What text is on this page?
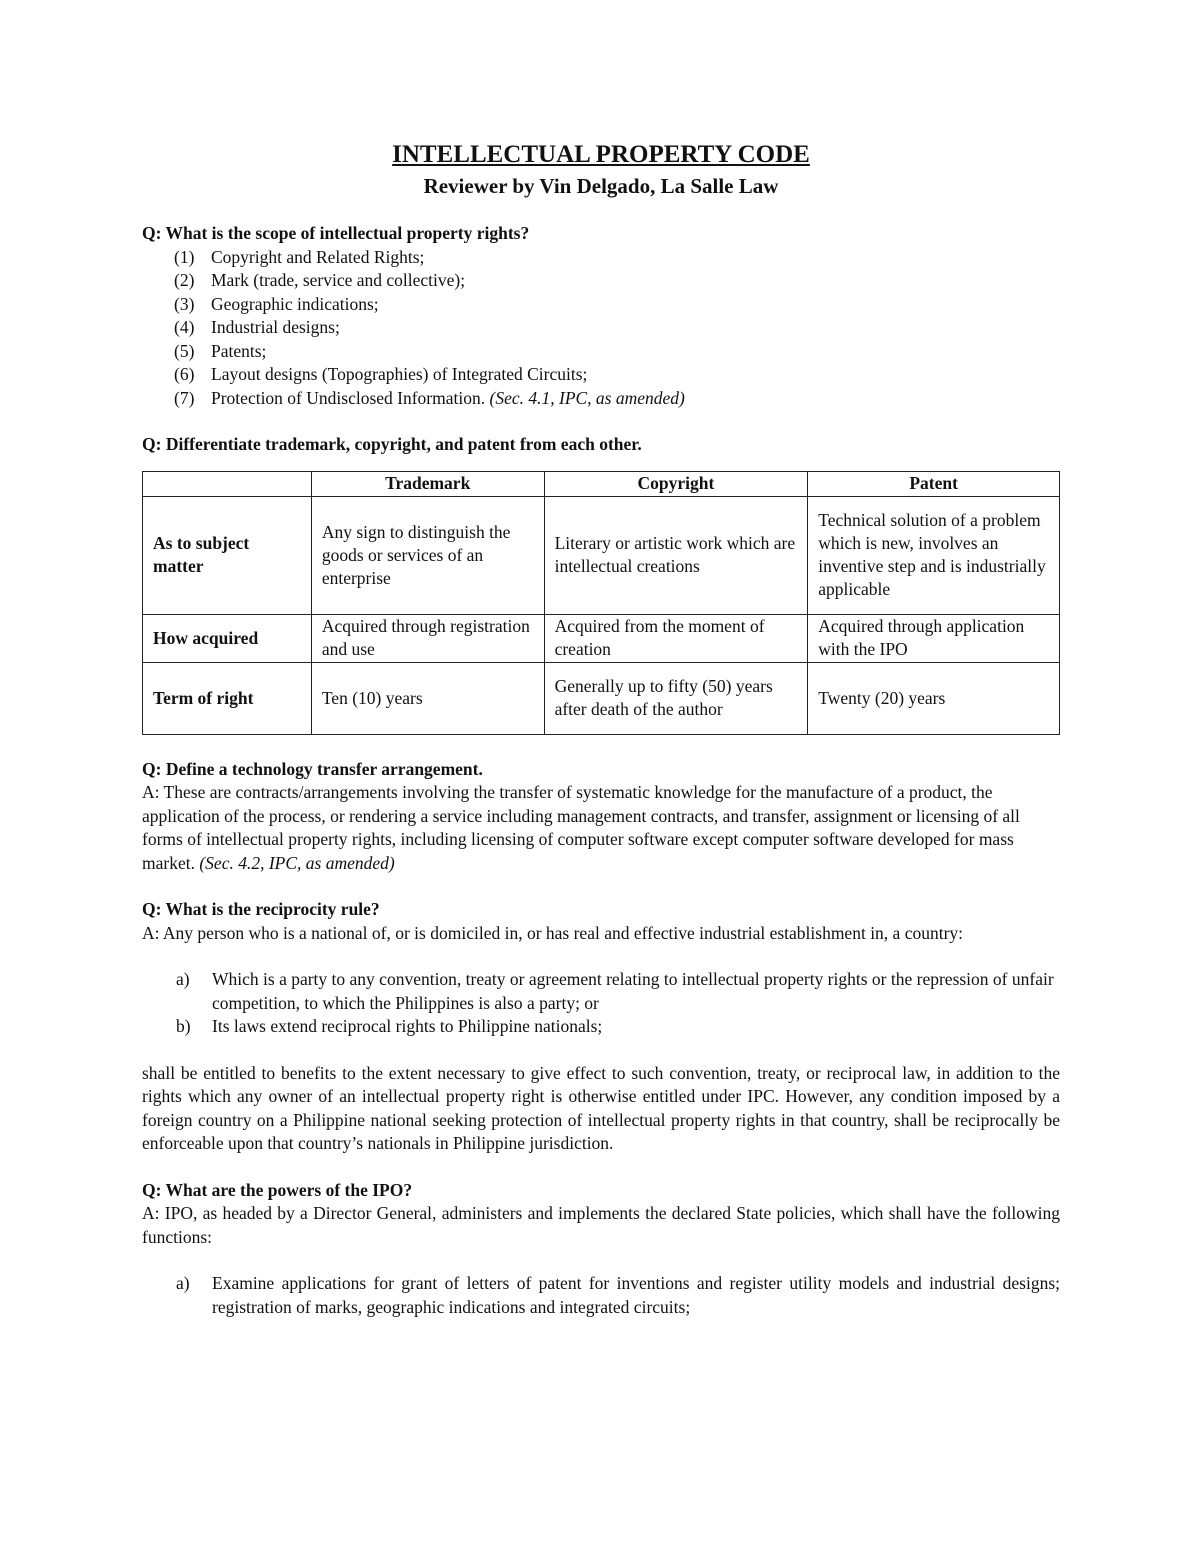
INTELLECTUAL PROPERTY CODE

Reviewer by Vin Delgado, La Salle Law

Q: What is the scope of intellectual property rights?

(1) Copyright and Related Rights;
(2) Mark (trade, service and collective);
(3) Geographic indications;
(4) Industrial designs;
(5) Patents;
(6) Layout designs (Topographies) of Integrated Circuits;
(7) Protection of Undisclosed Information. (Sec. 4.1, IPC, as amended)

Q: Differentiate trademark, copyright, and patent from each other.

	Trademark	Copyright	Patent
As to subject matter	Any sign to distinguish the goods or services of an enterprise	Literary or artistic work which are intellectual creations	Technical solution of a problem which is new, involves an inventive step and is industrially applicable
How acquired	Acquired through registration and use	Acquired from the moment of creation	Acquired through application with the IPO
Term of right	Ten (10) years	Generally up to fifty (50) years after death of the author	Twenty (20) years

Q: Define a technology transfer arrangement.

A: These are contracts/arrangements involving the transfer of systematic knowledge for the manufacture of a product, the application of the process, or rendering a service including management contracts, and transfer, assignment or licensing of all forms of intellectual property rights, including licensing of computer software except computer software developed for mass market. (Sec. 4.2, IPC, as amended)

Q: What is the reciprocity rule?

A: Any person who is a national of, or is domiciled in, or has real and effective industrial establishment in, a country:

a)	Which is a party to any convention, treaty or agreement relating to intellectual property rights or the repression of unfair competition, to which the Philippines is also a party; or
b)	Its laws extend reciprocal rights to Philippine nationals;

shall be entitled to benefits to the extent necessary to give effect to such convention, treaty, or reciprocal law, in addition to the rights which any owner of an intellectual property right is otherwise entitled under IPC. However, any condition imposed by a foreign country on a Philippine national seeking protection of intellectual property rights in that country, shall be reciprocally be enforceable upon that country’s nationals in Philippine jurisdiction.

Q: What are the powers of the IPO?

A: IPO, as headed by a Director General, administers and implements the declared State policies, which shall have the following functions:

a)	Examine applications for grant of letters of patent for inventions and register utility models and industrial designs; registration of marks, geographic indications and integrated circuits;
